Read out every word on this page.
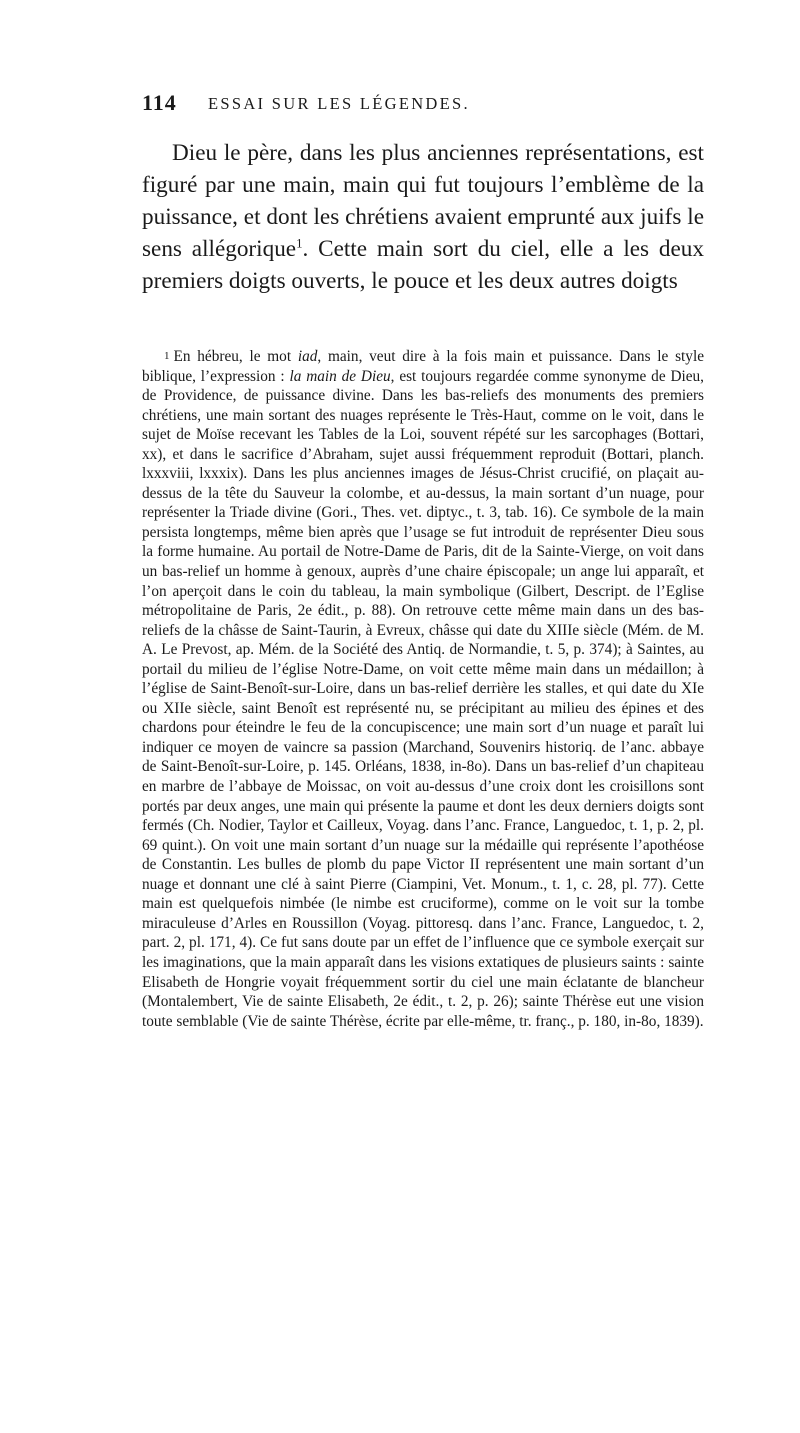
114 ESSAI SUR LES LÉGENDES.

Dieu le père, dans les plus anciennes représentations, est figuré par une main, main qui fut toujours l’emblème de la puissance, et dont les chrétiens avaient emprunté aux juifs le sens allégorique$^1$. Cette main sort du ciel, elle a les deux premiers doigts ouverts, le pouce et les deux autres doigts

1 En hébreu, le mot iad, main, veut dire à la fois main et puissance. Dans le style biblique, l’expression : la main de Dieu, est toujours regardée comme synonyme de Dieu, de Providence, de puissance divine. Dans les bas-reliefs des monuments des premiers chrétiens, une main sortant des nuages représente le Très-Haut, comme on le voit, dans le sujet de Moïse recevant les Tables de la Loi, souvent répété sur les sarcophages (Bottari, xx), et dans le sacrifice d’Abraham, sujet aussi fréquemment reproduit (Bottari, planch. lxxxviii, lxxxix). Dans les plus anciennes images de Jésus-Christ crucifié, on plaçait au-dessus de la tête du Sauveur la colombe, et au-dessus, la main sortant d’un nuage, pour représenter la Triade divine (Gori., Thes. vet. diptyc., t. 3, tab. 16). Ce symbole de la main persista longtemps, même bien après que l’usage se fut introduit de représenter Dieu sous la forme humaine. Au portail de Notre-Dame de Paris, dit de la Sainte-Vierge, on voit dans un bas-relief un homme à genoux, auprès d’une chaire épiscopale; un ange lui apparaît, et l’on aperçoit dans le coin du tableau, la main symbolique (Gilbert, Descript. de l’Eglise métropolitaine de Paris, 2e édit., p. 88). On retrouve cette même main dans un des bas-reliefs de la châsse de Saint-Taurin, à Evreux, châsse qui date du XIIIe siècle (Mém. de M. A. Le Prevost, ap. Mém. de la Société des Antiq. de Normandie, t. 5, p. 374); à Saintes, au portail du milieu de l’église Notre-Dame, on voit cette même main dans un médaillon; à l’église de Saint-Benoît-sur-Loire, dans un bas-relief derrière les stalles, et qui date du XIe ou XIIe siècle, saint Benoît est représenté nu, se précipitant au milieu des épines et des chardons pour éteindre le feu de la concupiscence; une main sort d’un nuage et paraît lui indiquer ce moyen de vaincre sa passion (Marchand, Souvenirs historiq. de l’anc. abbaye de Saint-Benoît-sur-Loire, p. 145. Orléans, 1838, in-8o). Dans un bas-relief d’un chapiteau en marbre de l’abbaye de Moissac, on voit au-dessus d’une croix dont les croisillons sont portés par deux anges, une main qui présente la paume et dont les deux derniers doigts sont fermés (Ch. Nodier, Taylor et Cailleux, Voyag. dans l’anc. France, Languedoc, t. 1, p. 2, pl. 69 quint.). On voit une main sortant d’un nuage sur la médaille qui représente l’apothéose de Constantin. Les bulles de plomb du pape Victor II représentent une main sortant d’un nuage et donnant une clé à saint Pierre (Ciampini, Vet. Monum., t. 1, c. 28, pl. 77). Cette main est quelquefois nimbée (le nimbe est cruciforme), comme on le voit sur la tombe miraculeuse d’Arles en Roussillon (Voyag. pittoresq. dans l’anc. France, Languedoc, t. 2, part. 2, pl. 171, 4). Ce fut sans doute par un effet de l’influence que ce symbole exerçait sur les imaginations, que la main apparaît dans les visions extatiques de plusieurs saints : sainte Elisabeth de Hongrie voyait fréquemment sortir du ciel une main éclatante de blancheur (Montalembert, Vie de sainte Elisabeth, 2e édit., t. 2, p. 26); sainte Thérèse eut une vision toute semblable (Vie de sainte Thérèse, écrite par elle-même, tr. franç., p. 180, in-8o, 1839).
